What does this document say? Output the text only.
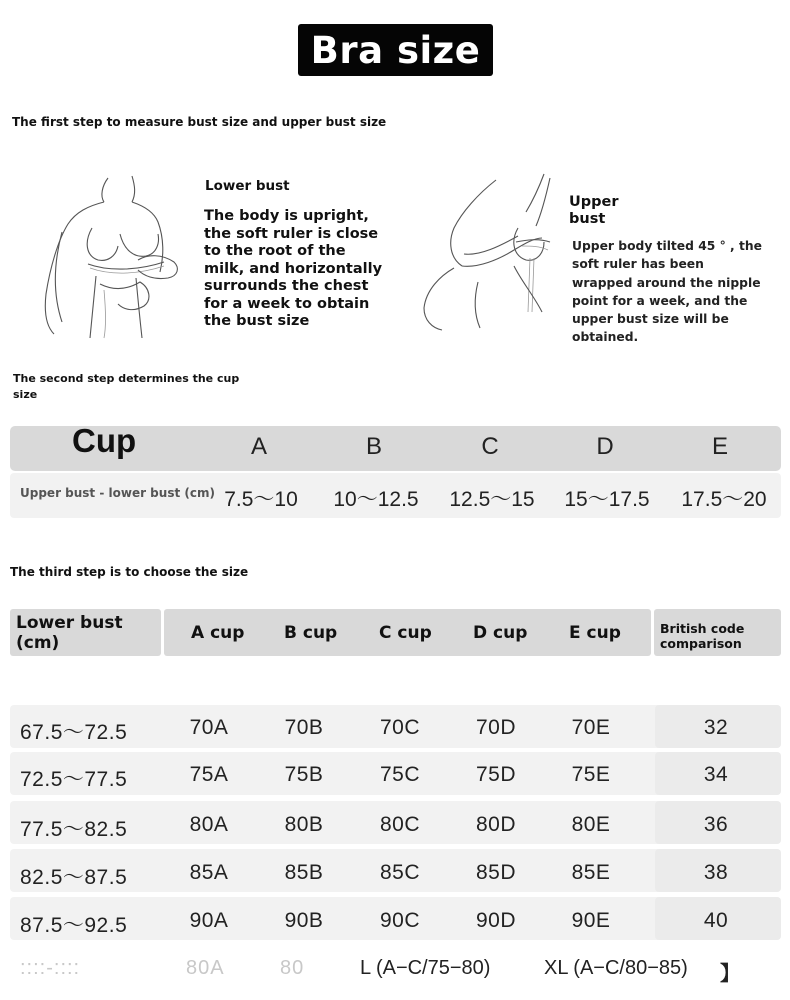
Bra size
The first step to measure bust size and upper bust size
Lower bust
The body is upright, the soft ruler is close to the root of the milk, and horizontally surrounds the chest for a week to obtain the bust size
Upper bust
Upper body tilted 45 ° , the soft ruler has been wrapped around the nipple point for a week, and the upper bust size will be obtained.
The second step determines the cup size
Cup	A	B	C	D	E
Upper bust - lower bust (cm) 7.5～10	10～12.5	12.5～15	15～17.5	17.5～20
The third step is to choose the size
Lower bust (cm)	A cup B cup C cup D cup E cup	British code comparison
67.5～72.5	70A	70B	70C	70D	70E	32
72.5～77.5	75A	75B	75C	75D	75E	34
77.5～82.5	80A	80B	80C	80D	80E	36
82.5～87.5	85A	85B	85C	85D	85E	38
87.5～92.5	90A	90B	90C	90D	90E	40
::::-::::	80A	80	L (A−C/75−80)	XL (A−C/80−85) 】
